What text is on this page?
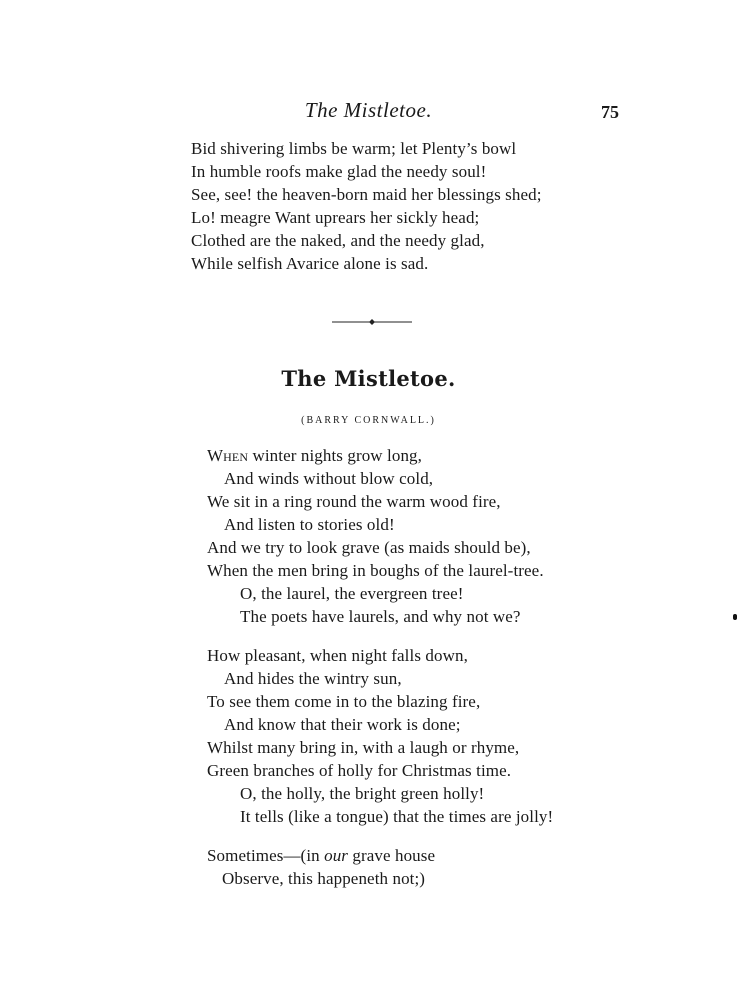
The Mistletoe.	75
Bid shivering limbs be warm; let Plenty’s bowl
In humble roofs make glad the needy soul!
See, see! the heaven-born maid her blessings shed;
Lo! meagre Want uprears her sickly head;
Clothed are the naked, and the needy glad,
While selfish Avarice alone is sad.
The Mistletoe.
(BARRY CORNWALL.)
When winter nights grow long,
And winds without blow cold,
We sit in a ring round the warm wood fire,
And listen to stories old!
And we try to look grave (as maids should be),
When the men bring in boughs of the laurel-tree.
O, the laurel, the evergreen tree!
The poets have laurels, and why not we?
How pleasant, when night falls down,
And hides the wintry sun,
To see them come in to the blazing fire,
And know that their work is done;
Whilst many bring in, with a laugh or rhyme,
Green branches of holly for Christmas time.
O, the holly, the bright green holly!
It tells (like a tongue) that the times are jolly!
Sometimes—(in our grave house
Observe, this happeneth not;)
